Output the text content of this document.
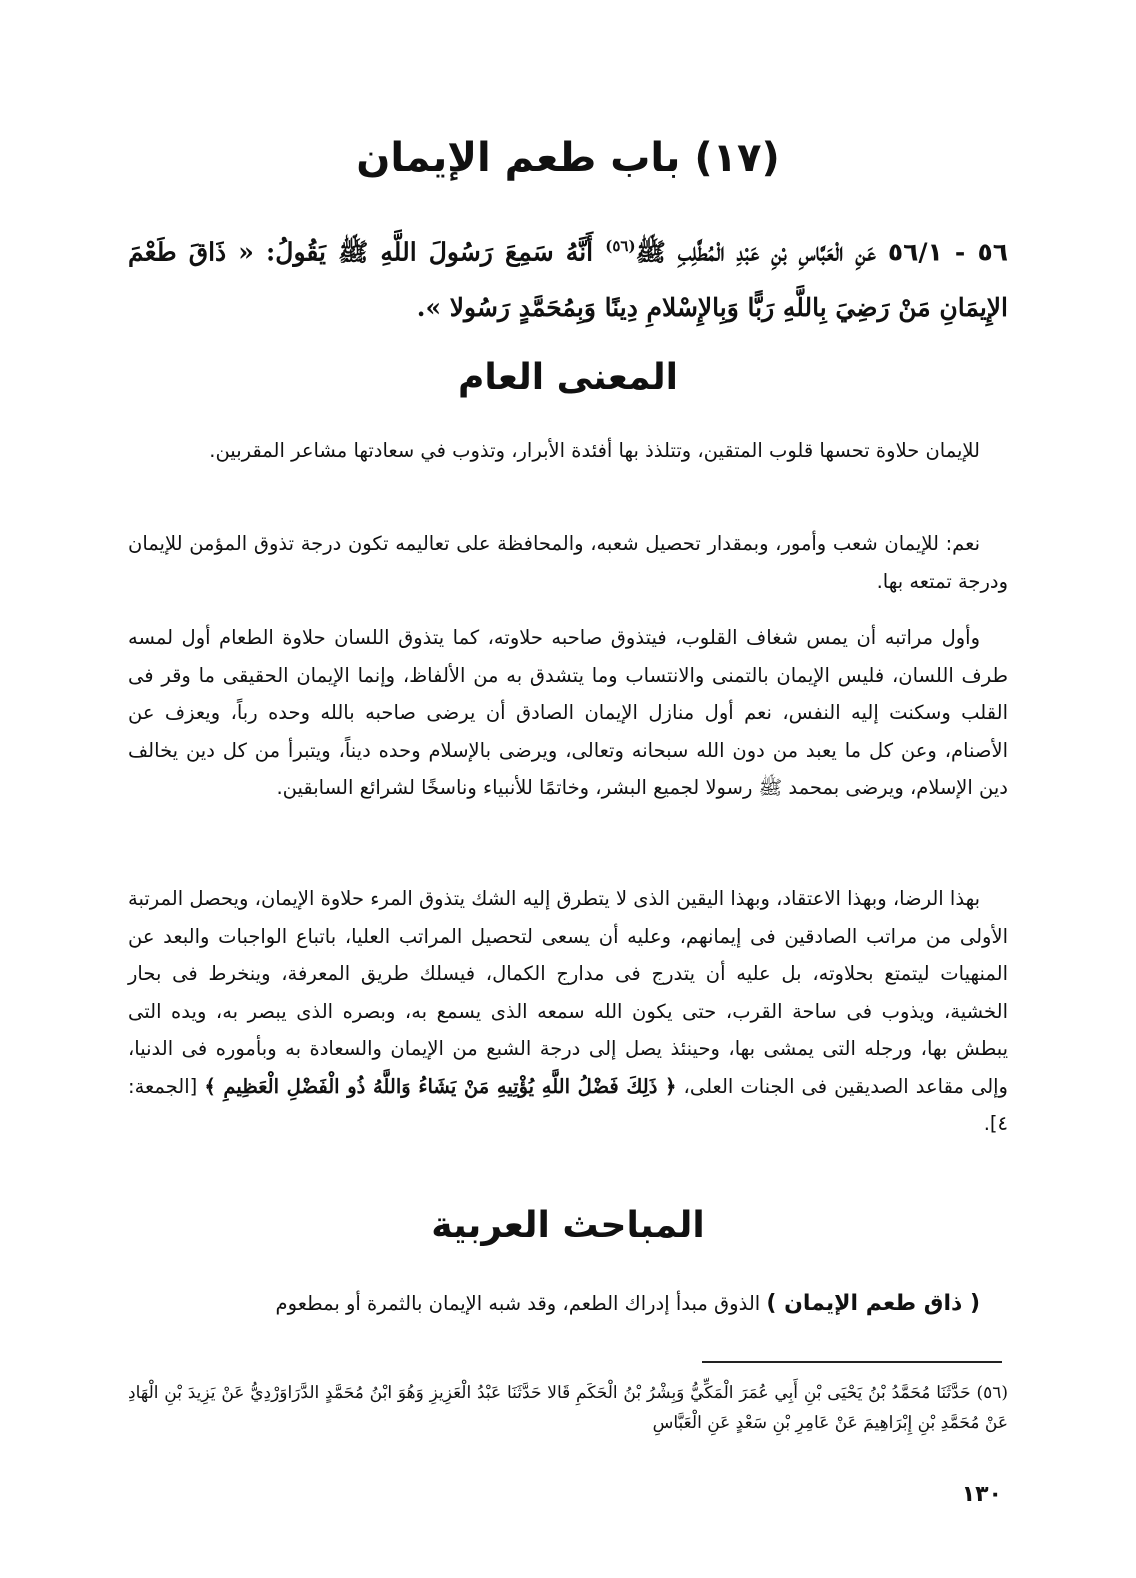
(١٧) باب طعم الإيمان

٥٦ - ٥٦/١ عَنِ الْعَبَّاسِ بْنِ عَبْدِ الْمُطَّلِبِ ﷺ$^{(٥٦)}$ أَنَّهُ سَمِعَ رَسُولَ اللَّهِ ﷺ يَقُولُ: « ذَاقَ طَعْمَ الإِيمَانِ مَنْ رَضِيَ بِاللَّهِ رَبًّا وَبِالإِسْلامِ دِينًا وَبِمُحَمَّدٍ رَسُولا ».

المعنى العام

للإيمان حلاوة تحسها قلوب المتقين، وتتلذذ بها أفئدة الأبرار، وتذوب في سعادتها مشاعر المقربين.

نعم: للإيمان شعب وأمور، وبمقدار تحصيل شعبه، والمحافظة على تعاليمه تكون درجة تذوق المؤمن للإيمان ودرجة تمتعه بها.

وأول مراتبه أن يمس شغاف القلوب، فيتذوق صاحبه حلاوته، كما يتذوق اللسان حلاوة الطعام أول لمسه طرف اللسان، فليس الإيمان بالتمنى والانتساب وما يتشدق به من الألفاظ، وإنما الإيمان الحقيقى ما وقر فى القلب وسكنت إليه النفس، نعم أول منازل الإيمان الصادق أن يرضى صاحبه بالله وحده رباً، ويعزف عن الأصنام، وعن كل ما يعبد من دون الله سبحانه وتعالى، ويرضى بالإسلام وحده ديناً، ويتبرأ من كل دين يخالف دين الإسلام، ويرضى بمحمد ﷺ رسولا لجميع البشر، وخاتمًا للأنبياء وناسخًا لشرائع السابقين.

بهذا الرضا، وبهذا الاعتقاد، وبهذا اليقين الذى لا يتطرق إليه الشك يتذوق المرء حلاوة الإيمان، ويحصل المرتبة الأولى من مراتب الصادقين فى إيمانهم، وعليه أن يسعى لتحصيل المراتب العليا، باتباع الواجبات والبعد عن المنهيات ليتمتع بحلاوته، بل عليه أن يتدرج فى مدارج الكمال، فيسلك طريق المعرفة، وينخرط فى بحار الخشية، ويذوب فى ساحة القرب، حتى يكون الله سمعه الذى يسمع به، وبصره الذى يبصر به، ويده التى يبطش بها، ورجله التى يمشى بها، وحينئذ يصل إلى درجة الشبع من الإيمان والسعادة به وبأموره فى الدنيا، وإلى مقاعد الصديقين فى الجنات العلى، ﴿ ذَلِكَ فَضْلُ اللَّهِ يُؤْتِيهِ مَنْ يَشَاءُ وَاللَّهُ ذُو الْفَضْلِ الْعَظِيمِ ﴾ [الجمعة: ٤].

المباحث العربية

( ذاق طعم الإيمان ) الذوق مبدأ إدراك الطعم، وقد شبه الإيمان بالثمرة أو بمطعوم

(٥٦) حَدَّثَنَا مُحَمَّدُ بْنُ يَحْيَى بْنِ أَبِي عُمَرَ الْمَكِّيُّ وَبِشْرُ بْنُ الْحَكَمِ قَالا حَدَّثَنَا عَبْدُ الْعَزِيزِ وَهُوَ ابْنُ مُحَمَّدٍ الدَّرَاوَرْدِيُّ عَنْ يَزِيدَ بْنِ الْهَادِ عَنْ مُحَمَّدِ بْنِ إِبْرَاهِيمَ عَنْ عَامِرِ بْنِ سَعْدٍ عَنِ الْعَبَّاسِ

١٣٠
